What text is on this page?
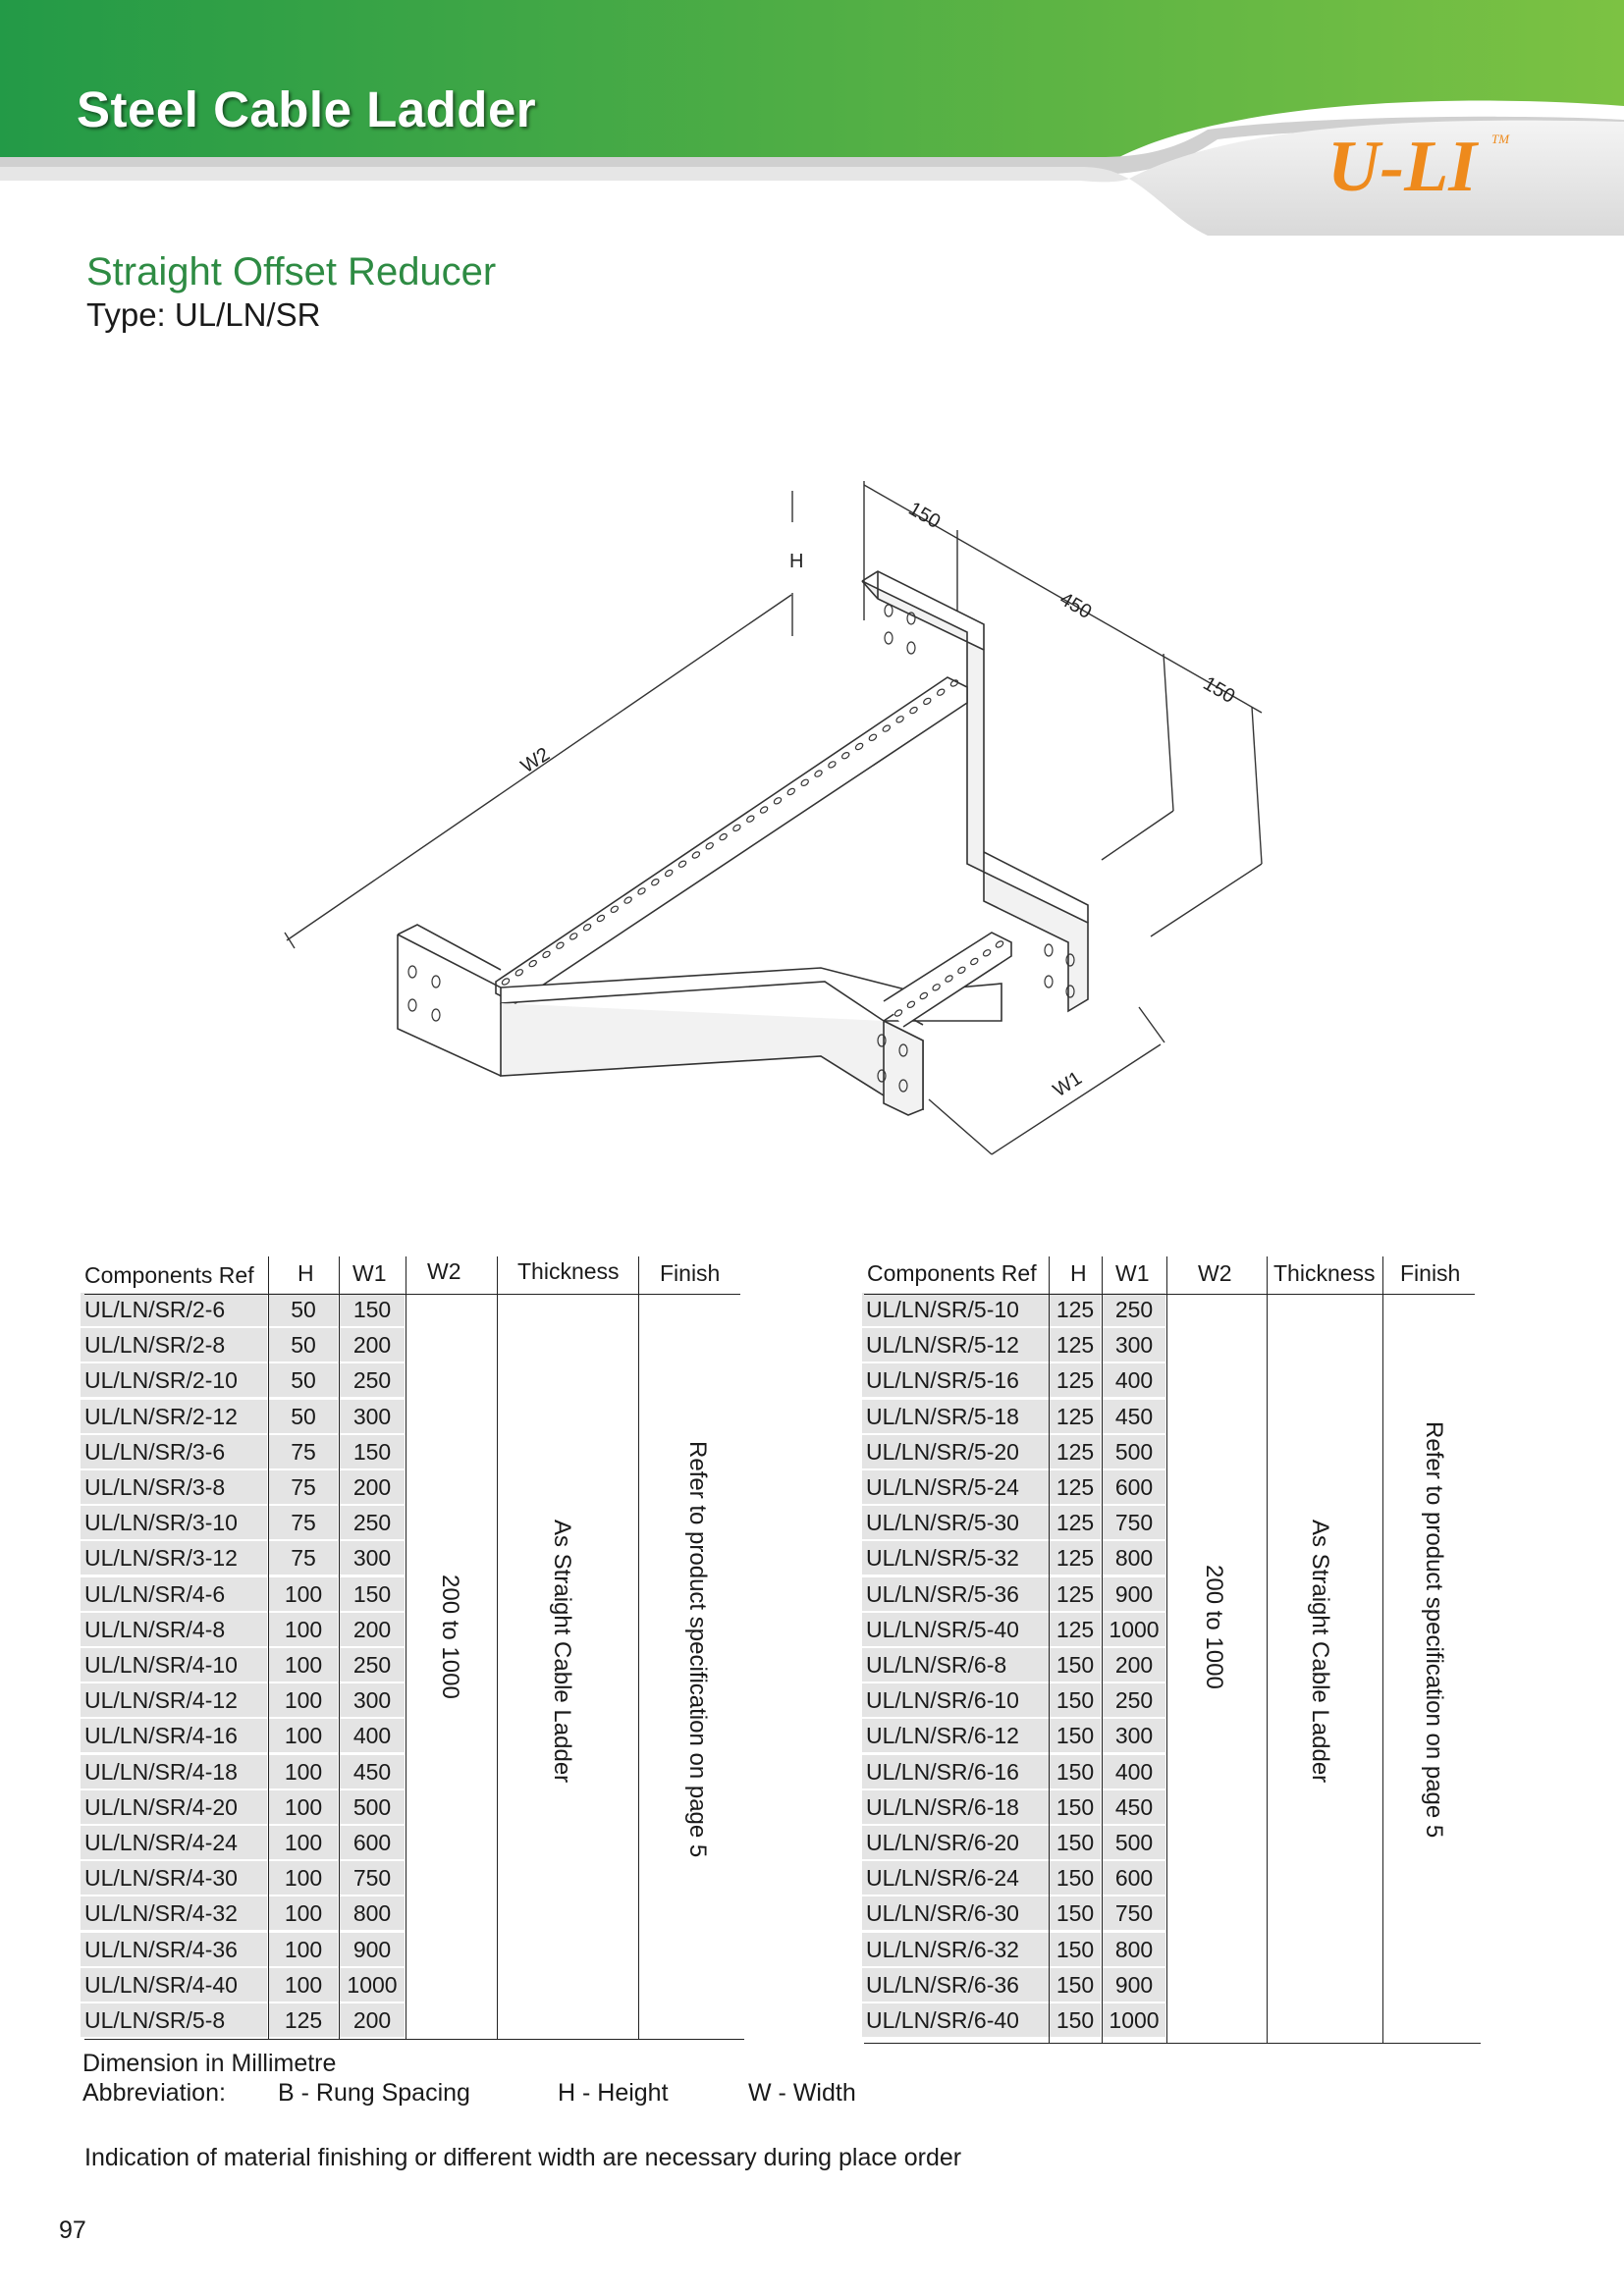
Steel Cable Ladder
U-LI TM
Straight Offset Reducer
Type: UL/LN/SR
H
150
450
150
W2
W1
Components Ref H W1 W2	Thickness Finish
UL/LN/SR/2-6	50	150
UL/LN/SR/2-8	50	200
UL/LN/SR/2-10	50	250
UL/LN/SR/2-12	50	300
UL/LN/SR/3-6	75	150
UL/LN/SR/3-8	75	200
UL/LN/SR/3-10	75	250
UL/LN/SR/3-12	75	300
UL/LN/SR/4-6	100	150
UL/LN/SR/4-8	100	200
UL/LN/SR/4-10	100	250
UL/LN/SR/4-12	100	300
UL/LN/SR/4-16	100	400
UL/LN/SR/4-18	100	450
UL/LN/SR/4-20	100	500
UL/LN/SR/4-24	100	600
UL/LN/SR/4-30	100	750
UL/LN/SR/4-32	100	800
UL/LN/SR/4-36	100	900
UL/LN/SR/4-40	100	1000
UL/LN/SR/5-8	125	200
200 to 1000	As Straight Cable Ladder	Refer to product specification on page 5
Components Ref H W1 W2 Thickness Finish
UL/LN/SR/5-10	125 250
UL/LN/SR/5-12	125 300
UL/LN/SR/5-16	125 400
UL/LN/SR/5-18	125 450
UL/LN/SR/5-20	125 500
UL/LN/SR/5-24	125 600
UL/LN/SR/5-30	125 750
UL/LN/SR/5-32	125 800
UL/LN/SR/5-36	125 900
UL/LN/SR/5-40	125 1000
UL/LN/SR/6-8	150 200
UL/LN/SR/6-10	150 250
UL/LN/SR/6-12	150 300
UL/LN/SR/6-16	150 400
UL/LN/SR/6-18	150 450
UL/LN/SR/6-20	150 500
UL/LN/SR/6-24	150 600
UL/LN/SR/6-30	150 750
UL/LN/SR/6-32	150 800
UL/LN/SR/6-36	150 900
UL/LN/SR/6-40	150 1000
200 to 1000	As Straight Cable Ladder	Refer to product specification on page 5
Dimension in Millimetre
Abbreviation: B - Rung Spacing	H - Height	W - Width
Indication of material finishing or different width are necessary during place order
97
